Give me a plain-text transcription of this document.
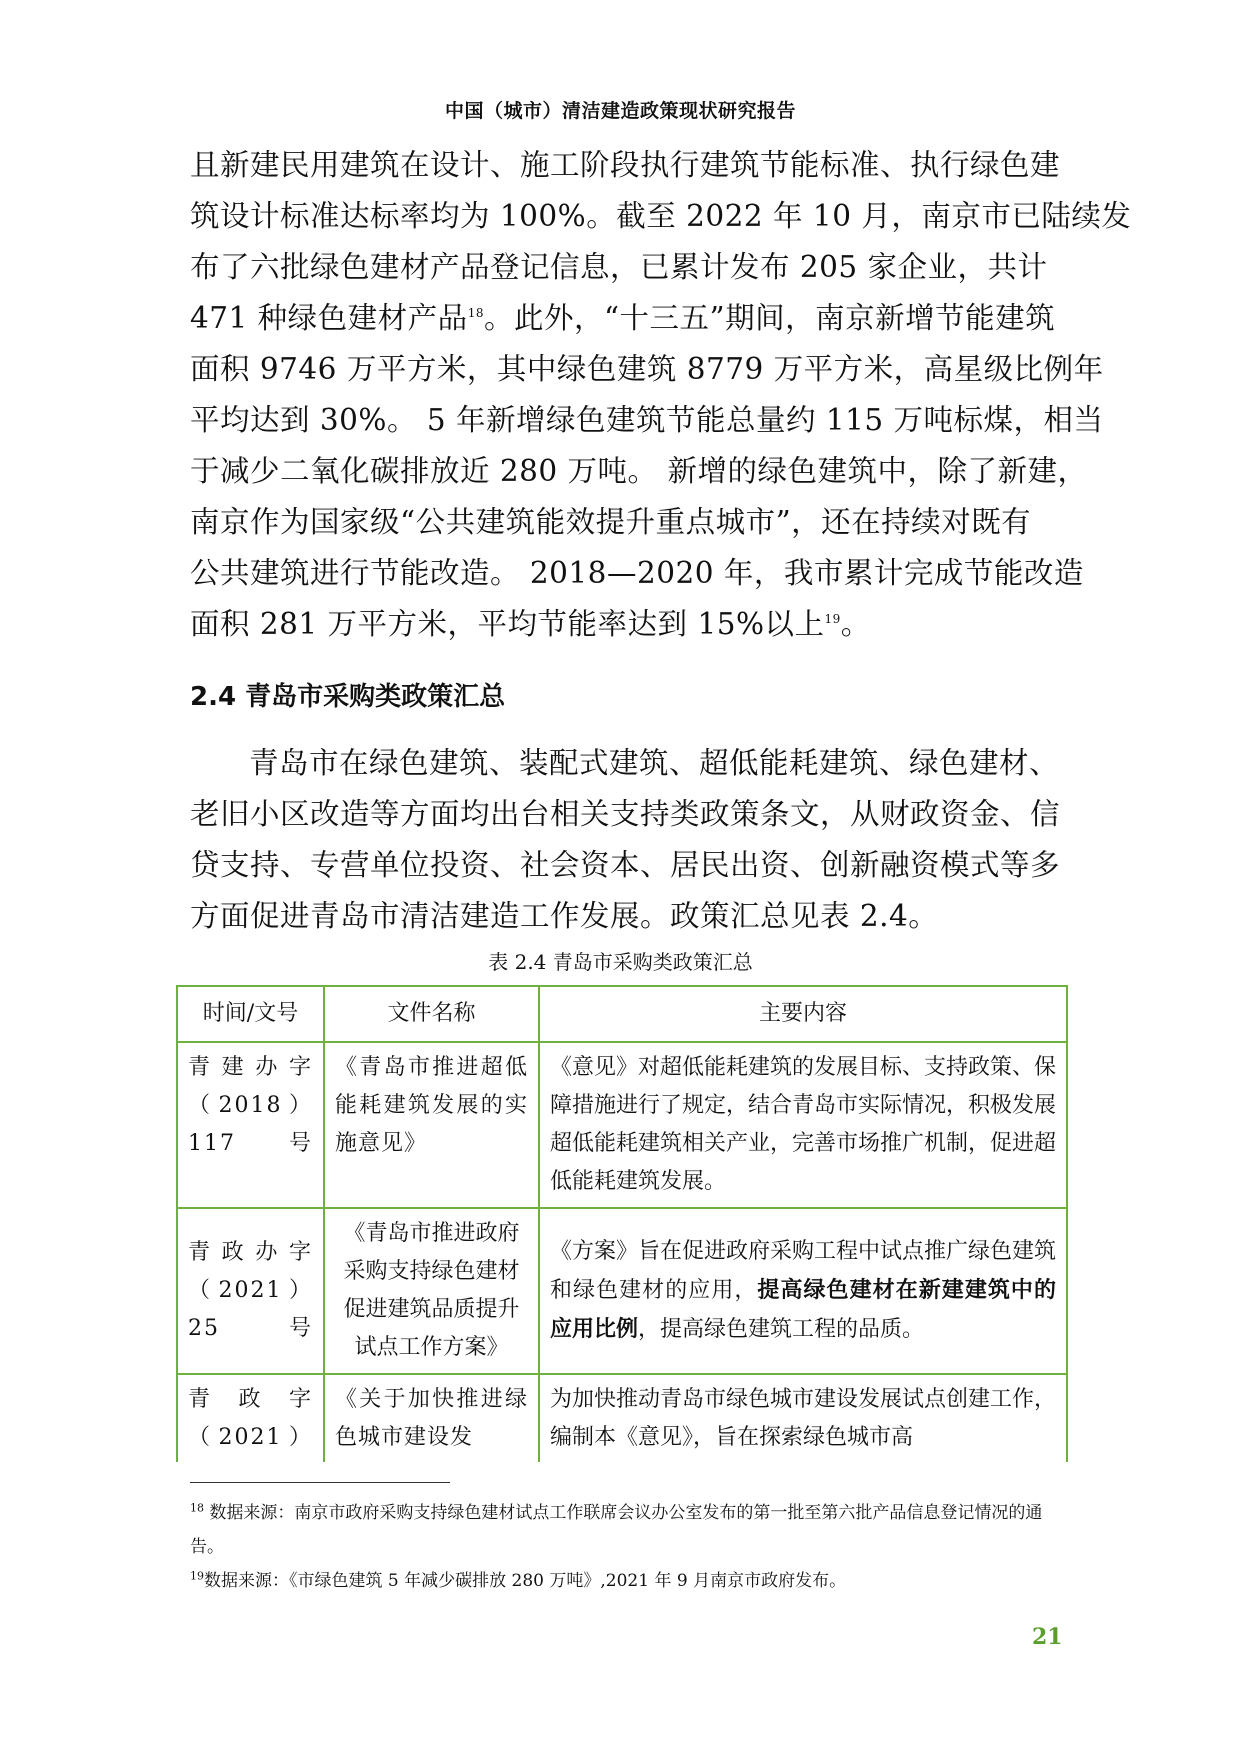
中国（城市）清洁建造政策现状研究报告
且新建民用建筑在设计、施工阶段执行建筑节能标准、执行绿色建
筑设计标准达标率均为 100%。截至 2022 年 10 月，南京市已陆续发
布了六批绿色建材产品登记信息，已累计发布 205 家企业，共计
471 种绿色建材产品$^{18}$。此外，“十三五”期间，南京新增节能建筑
面积 9746 万平方米，其中绿色建筑 8779 万平方米，高星级比例年
平均达到 30%。 5 年新增绿色建筑节能总量约 115 万吨标煤，相当
于减少二氧化碳排放近 280 万吨。 新增的绿色建筑中，除了新建，
南京作为国家级“公共建筑能效提升重点城市”，还在持续对既有
公共建筑进行节能改造。 2018—2020 年，我市累计完成节能改造
面积 281 万平方米，平均节能率达到 15%以上$^{19}$。
2.4 青岛市采购类政策汇总
青岛市在绿色建筑、装配式建筑、超低能耗建筑、绿色建材、
老旧小区改造等方面均出台相关支持类政策条文，从财政资金、信
贷支持、专营单位投资、社会资本、居民出资、创新融资模式等多
方面促进青岛市清洁建造工作发展。政策汇总见表 2.4。
表 2.4 青岛市采购类政策汇总
时间/文号	文件名称	主要内容
青建办字（2018）117号	《青岛市推进超低能耗建筑发展的实施意见》	《意见》对超低能耗建筑的发展目标、支持政策、保障措施进行了规定，结合青岛市实际情况，积极发展超低能耗建筑相关产业，完善市场推广机制，促进超低能耗建筑发展。
青政办字（2021）25号	《青岛市推进政府采购支持绿色建材促进建筑品质提升试点工作方案》	《方案》旨在促进政府采购工程中试点推广绿色建筑和绿色建材的应用，提高绿色建材在新建建筑中的应用比例，提高绿色建筑工程的品质。
青政字（2021）	《关于加快推进绿色城市建设发	为加快推动青岛市绿色城市建设发展试点创建工作，编制本《意见》，旨在探索绿色城市高
$^{18}$ 数据来源：南京市政府采购支持绿色建材试点工作联席会议办公室发布的第一批至第六批产品信息登记情况的通告。
$^{19}$数据来源：《市绿色建筑 5 年减少碳排放 280 万吨》,2021 年 9 月南京市政府发布。
21
